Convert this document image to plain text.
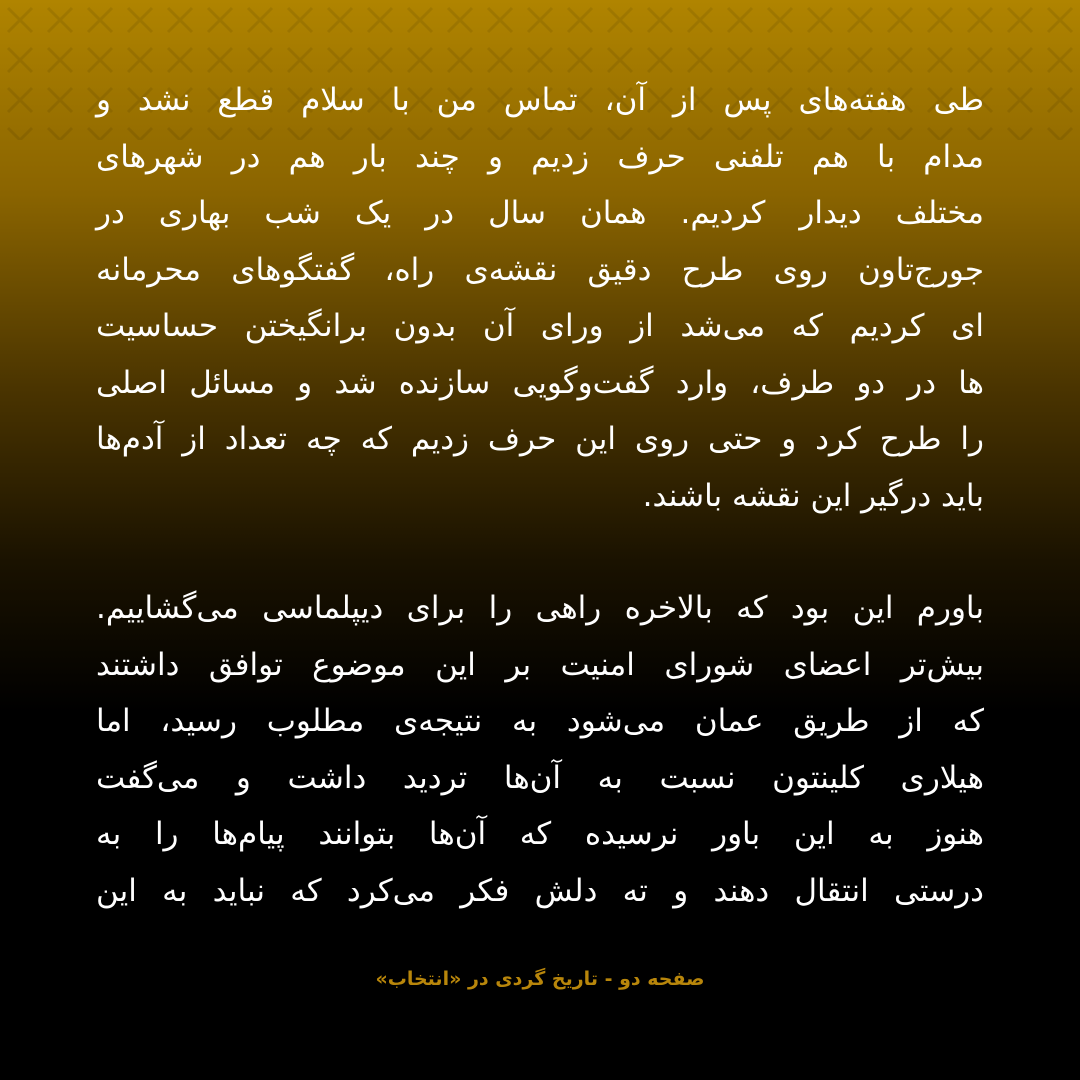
طی هفته‌های پس از آن، تماس من با سلام قطع نشد و
مدام با هم تلفنی حرف زدیم و چند بار هم در شهرهای
مختلف دیدار کردیم. همان سال در یک شب بهاری در
جورج‌تاون روی طرح دقیق نقشه‌ی راه، گفتگوهای محرمانه
ای کردیم که می‌شد از ورای آن بدون برانگیختن حساسیت
ها در دو طرف، وارد گفت‌وگویی سازنده شد و مسائل اصلی
را طرح کرد و حتی روی این حرف زدیم که چه تعداد از آدم‌ها
باید درگیر این نقشه باشند.

باورم این بود که بالاخره راهی را برای دیپلماسی می‌گشاییم.
بیش‌تر اعضای شورای امنیت بر این موضوع توافق داشتند
که از طریق عمان می‌شود به نتیجه‌ی مطلوب رسید، اما
هیلاری کلینتون نسبت به آن‌ها تردید داشت و می‌گفت
هنوز به این باور نرسیده که آن‌ها بتوانند پیام‌ها را به
درستی انتقال دهند و ته دلش فکر می‌کرد که نباید به این

صفحه دو - تاریخ گردی در «انتخاب»
